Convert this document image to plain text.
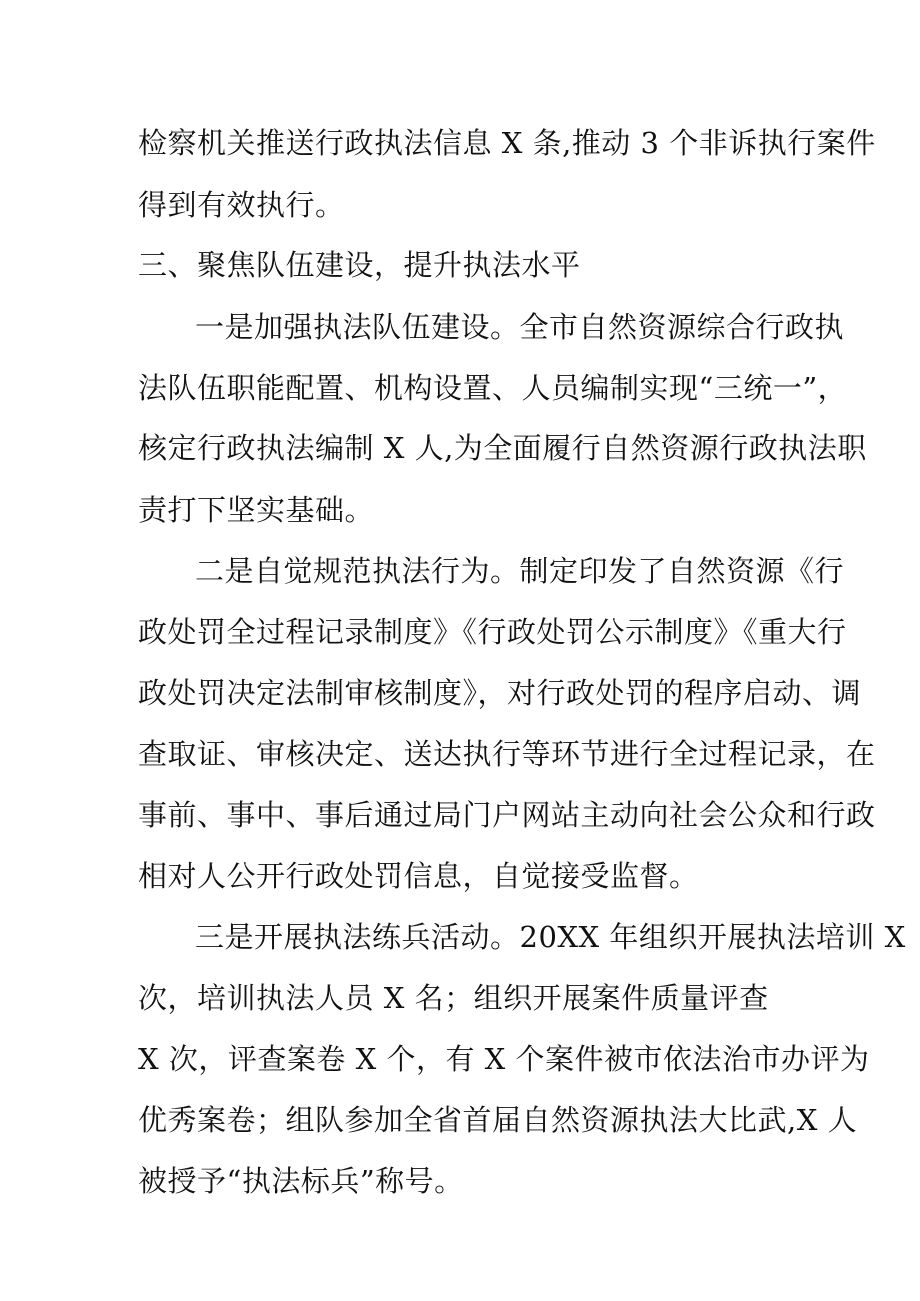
检察机关推送行政执法信息 X 条,推动 3 个非诉执行案件
得到有效执行。
三、聚焦队伍建设，提升执法水平
一是加强执法队伍建设。全市自然资源综合行政执
法队伍职能配置、机构设置、人员编制实现“三统一”，
核定行政执法编制 X 人,为全面履行自然资源行政执法职
责打下坚实基础。
二是自觉规范执法行为。制定印发了自然资源《行
政处罚全过程记录制度》《行政处罚公示制度》《重大行
政处罚决定法制审核制度》，对行政处罚的程序启动、调
查取证、审核决定、送达执行等环节进行全过程记录，在
事前、事中、事后通过局门户网站主动向社会公众和行政
相对人公开行政处罚信息，自觉接受监督。
三是开展执法练兵活动。20XX 年组织开展执法培训 X
次，培训执法人员 X 名；组织开展案件质量评查
X 次，评查案卷 X 个，有 X 个案件被市依法治市办评为
优秀案卷；组队参加全省首届自然资源执法大比武,X 人
被授予“执法标兵”称号。
